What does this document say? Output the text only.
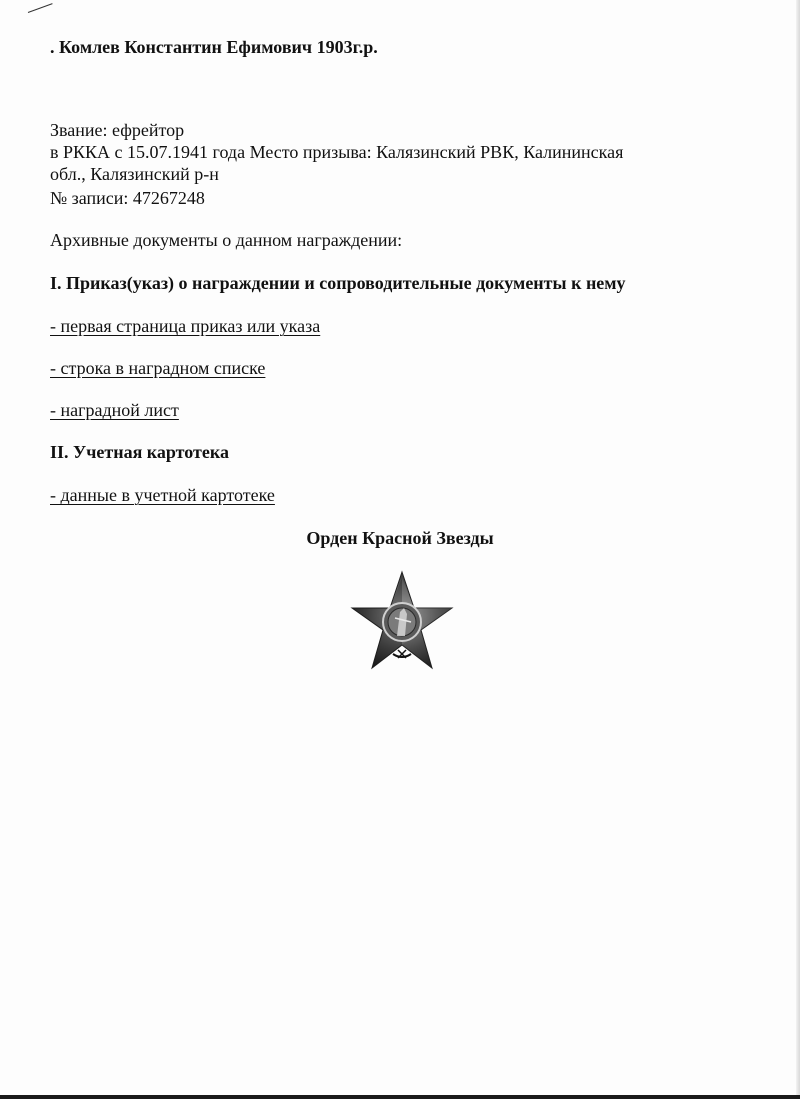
. Комлев Константин Ефимович 1903г.р.
Звание: ефрейтор
в РККА с 15.07.1941 года Место призыва: Калязинский РВК, Калининская
обл., Калязинский р-н
№ записи: 47267248
Архивные документы о данном награждении:
I. Приказ(указ) о награждении и сопроводительные документы к нему
- первая страница приказ или указа
- строка в наградном списке
- наградной лист
II. Учетная картотека
- данные в учетной картотеке
Орден Красной Звезды
